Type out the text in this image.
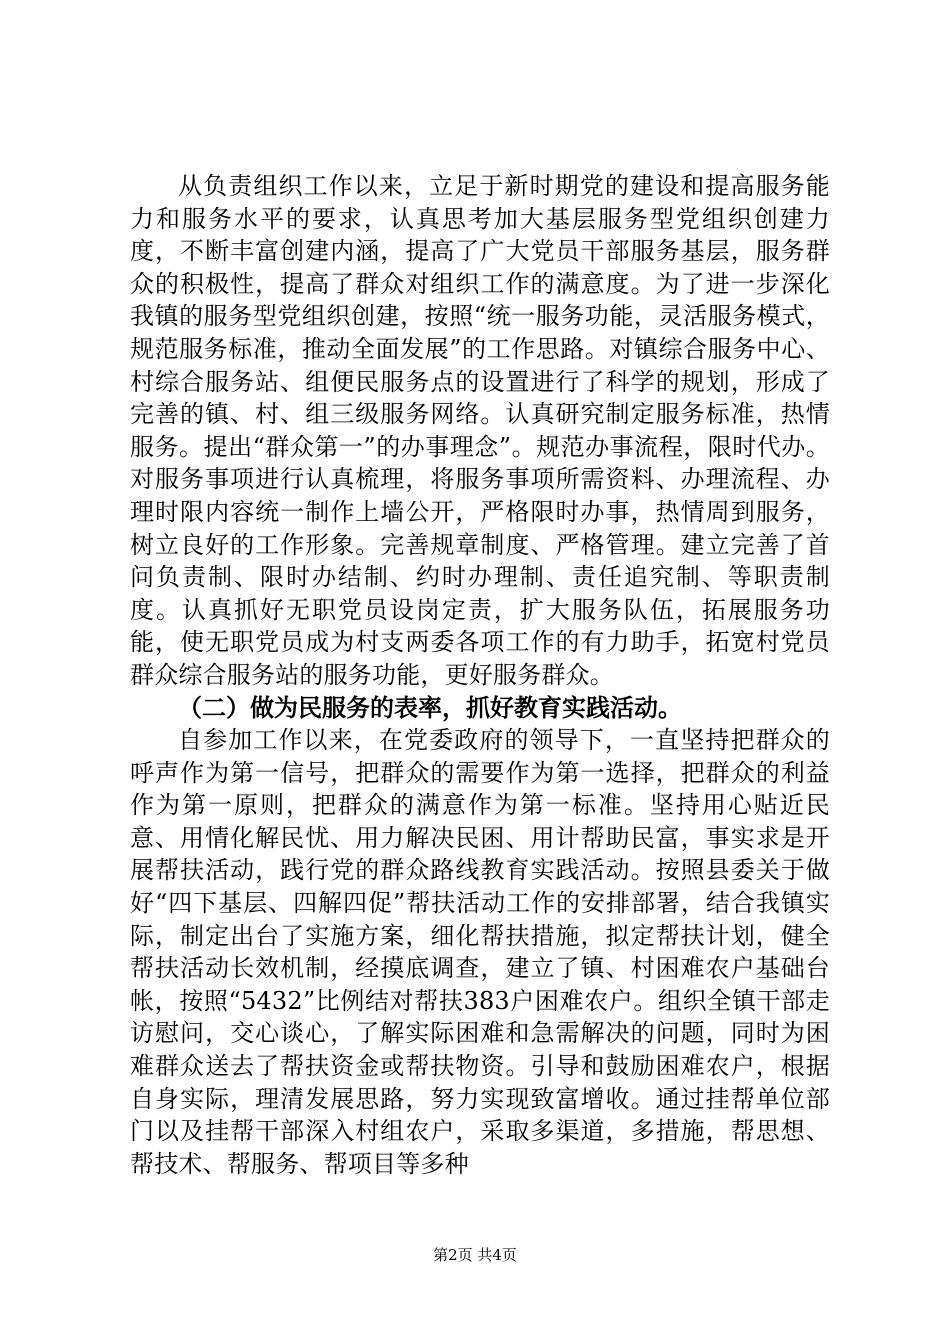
从负责组织工作以来，立足于新时期党的建设和提高服务能力和服务水平的要求，认真思考加大基层服务型党组织创建力度，不断丰富创建内涵，提高了广大党员干部服务基层，服务群众的积极性，提高了群众对组织工作的满意度。为了进一步深化我镇的服务型党组织创建，按照“统一服务功能，灵活服务模式，规范服务标准，推动全面发展”的工作思路。对镇综合服务中心、村综合服务站、组便民服务点的设置进行了科学的规划，形成了完善的镇、村、组三级服务网络。认真研究制定服务标准，热情服务。提出“群众第一”的办事理念”。规范办事流程，限时代办。对服务事项进行认真梳理，将服务事项所需资料、办理流程、办理时限内容统一制作上墙公开，严格限时办事，热情周到服务，树立良好的工作形象。完善规章制度、严格管理。建立完善了首问负责制、限时办结制、约时办理制、责任追究制、等职责制度。认真抓好无职党员设岗定责，扩大服务队伍，拓展服务功能，使无职党员成为村支两委各项工作的有力助手，拓宽村党员群众综合服务站的服务功能，更好服务群众。

（二）做为民服务的表率，抓好教育实践活动。

自参加工作以来，在党委政府的领导下，一直坚持把群众的呼声作为第一信号，把群众的需要作为第一选择，把群众的利益作为第一原则，把群众的满意作为第一标准。坚持用心贴近民意、用情化解民忧、用力解决民困、用计帮助民富，事实求是开展帮扶活动，践行党的群众路线教育实践活动。按照县委关于做好“四下基层、四解四促”帮扶活动工作的安排部署，结合我镇实际，制定出台了实施方案，细化帮扶措施，拟定帮扶计划，健全帮扶活动长效机制，经摸底调查，建立了镇、村困难农户基础台帐，按照“5432”比例结对帮扶383户困难农户。组织全镇干部走访慰问，交心谈心，了解实际困难和急需解决的问题，同时为困难群众送去了帮扶资金或帮扶物资。引导和鼓励困难农户，根据自身实际，理清发展思路，努力实现致富增收。通过挂帮单位部门以及挂帮干部深入村组农户，采取多渠道，多措施，帮思想、帮技术、帮服务、帮项目等多种

第2页 共4页
